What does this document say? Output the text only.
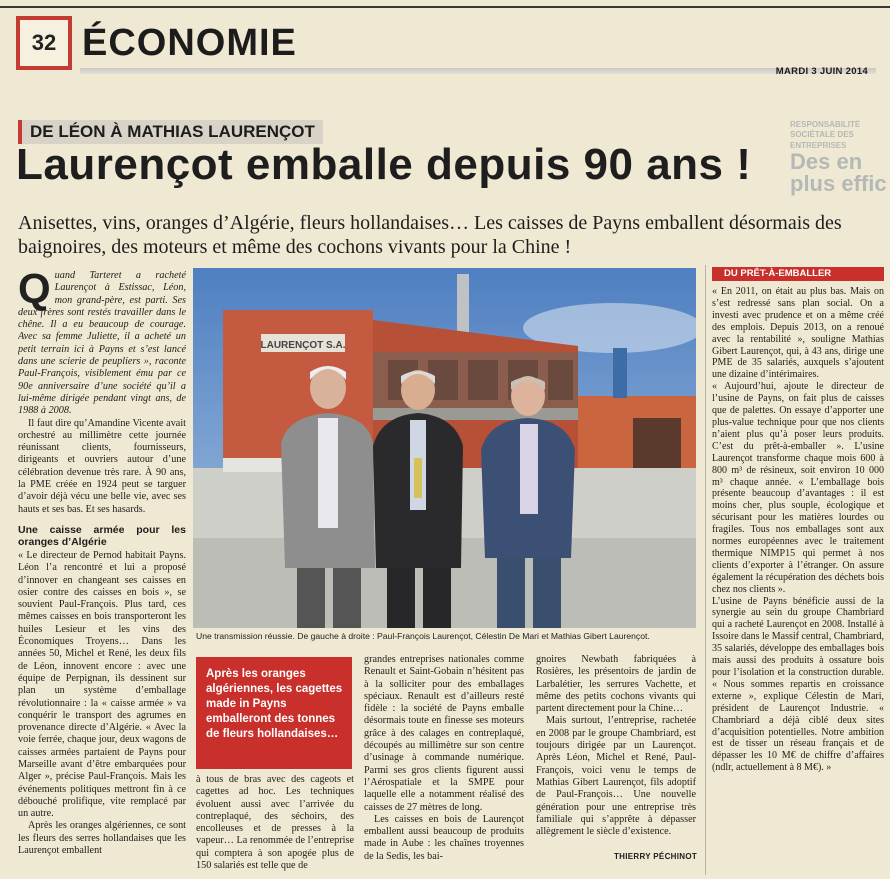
32 ÉCONOMIE
MARDI 3 JUIN 2014
RESPONSABILITÉ SOCIÉTALE DES ENTREPRISES
Des en plus effic
DE LÉON À MATHIAS LAURENÇOT
Laurençot emballe depuis 90 ans !
Anisettes, vins, oranges d’Algérie, fleurs hollandaises… Les caisses de Payns emballent désormais des baignoires, des moteurs et même des cochons vivants pour la Chine !
Q uand Tarteret a racheté Laurençot à Estissac, Léon, mon grand-père, est parti. Ses deux frères sont restés travailler dans le chêne. Il a eu beaucoup de courage. Avec sa femme Juliette, il a acheté un petit terrain ici à Payns et s’est lancé dans une scierie de peupliers », raconte Paul-François, visiblement ému par ce 90e anniversaire d’une société qu’il a lui-même dirigée pendant vingt ans, de 1988 à 2008.

Il faut dire qu’Amandine Vicente avait orchestré au millimètre cette journée réunissant clients, fournisseurs, dirigeants et ouvriers autour d’une célébration devenue très rare. À 90 ans, la PME créée en 1924 peut se targuer d’avoir déjà vécu une belle vie, avec ses hauts et ses bas. Et ses hasards.

Une caisse armée pour les oranges d’Algérie

« Le directeur de Pernod habitait Payns. Léon l’a rencontré et lui a proposé d’innover en changeant ses caisses en osier contre des caisses en bois », se souvient Paul-François. Plus tard, ces mêmes caisses en bois transporteront les huiles Lesieur et les vins des Économiques Troyens… Dans les années 50, Michel et René, les deux fils de Léon, innovent encore : avec une équipe de Perpignan, ils dessinent sur plan un système d’emballage révolutionnaire : la « caisse armée » va conquérir le transport des agrumes en provenance directe d’Algérie. « Avec la voie ferrée, chaque jour, deux wagons de caisses armées partaient de Payns pour Marseille avant d’être embarquées pour Alger », précise Paul-François. Mais les événements politiques mettront fin à ce débouché prolifique, vite remplacé par un autre.

Après les oranges algériennes, ce sont les fleurs des serres hollandaises que les Laurençot emballent

LAURENÇOT S.A.
Une transmission réussie. De gauche à droite : Paul-François Laurençot, Célestin De Mari et Mathias Gibert Laurençot.
Après les oranges algériennes, les cagettes made in Payns emballeront des tonnes de fleurs hollandaises…

à tous de bras avec des cageots et cagettes ad hoc. Les techniques évoluent aussi avec l’arrivée du contreplaqué, des séchoirs, des encolleuses et de presses à la vapeur… La renommée de l’entreprise qui comptera à son apogée plus de 150 salariés est telle que de

grandes entreprises nationales comme Renault et Saint-Gobain n’hésitent pas à la solliciter pour des emballages spéciaux. Renault est d’ailleurs resté fidèle : la société de Payns emballe désormais toute en finesse ses moteurs grâce à des calages en contreplaqué, découpés au millimètre sur son centre d’usinage à commande numérique. Parmi ses gros clients figurent aussi l’Aérospatiale et la SMPE pour laquelle elle a notamment réalisé des caisses de 27 mètres de long.

Les caisses en bois de Laurençot emballent aussi beaucoup de produits made in Aube : les chaînes troyennes de la Sedis, les bai-

gnoires Newbath fabriquées à Rosières, les présentoirs de jardin de Larbalétier, les serrures Vachette, et même des petits cochons vivants qui partent directement pour la Chine…

Mais surtout, l’entreprise, rachetée en 2008 par le groupe Chambriard, est toujours dirigée par un Laurençot. Après Léon, Michel et René, Paul-François, voici venu le temps de Mathias Gibert Laurençot, fils adoptif de Paul-François… Une nouvelle génération pour une entreprise très familiale qui s’apprête à dépasser allègrement le siècle d’existence.

THIERRY PÉCHINOT
DU PRÊT-À-EMBALLER

« En 2011, on était au plus bas. Mais on s’est redressé sans plan social. On a investi avec prudence et on a même créé des emplois. Depuis 2013, on a renoué avec la rentabilité », souligne Mathias Gibert Laurençot, qui, à 43 ans, dirige une PME de 35 salariés, auxquels s’ajoutent une dizaine d’intérimaires.

« Aujourd’hui, ajoute le directeur de l’usine de Payns, on fait plus de caisses que de palettes. On essaye d’apporter une plus-value technique pour que nos clients n’aient plus qu’à poser leurs produits. C’est du prêt-à-emballer ». L’usine Laurençot transforme chaque mois 600 à 800 m³ de résineux, soit environ 10 000 m³ chaque année. « L’emballage bois présente beaucoup d’avantages : il est moins cher, plus souple, écologique et sécurisant pour les matières lourdes ou fragiles. Tous nos emballages sont aux normes européennes avec le traitement thermique NIMP15 qui permet à nos clients d’exporter à l’étranger. On assure également la récupération des déchets bois chez nos clients ».

L’usine de Payns bénéficie aussi de la synergie au sein du groupe Chambriard qui a racheté Laurençot en 2008. Installé à Issoire dans le Massif central, Chambriard, 35 salariés, développe des emballages bois mais aussi des produits à ossature bois pour l’isolation et la construction durable. « Nous sommes repartis en croissance externe », explique Célestin de Mari, président de Laurençot Industrie. « Chambriard a déjà ciblé deux sites d’acquisition potentielles. Notre ambition est de tisser un réseau français et de dépasser les 10 M€ de chiffre d’affaires (ndlr, actuellement à 8 M€). »
